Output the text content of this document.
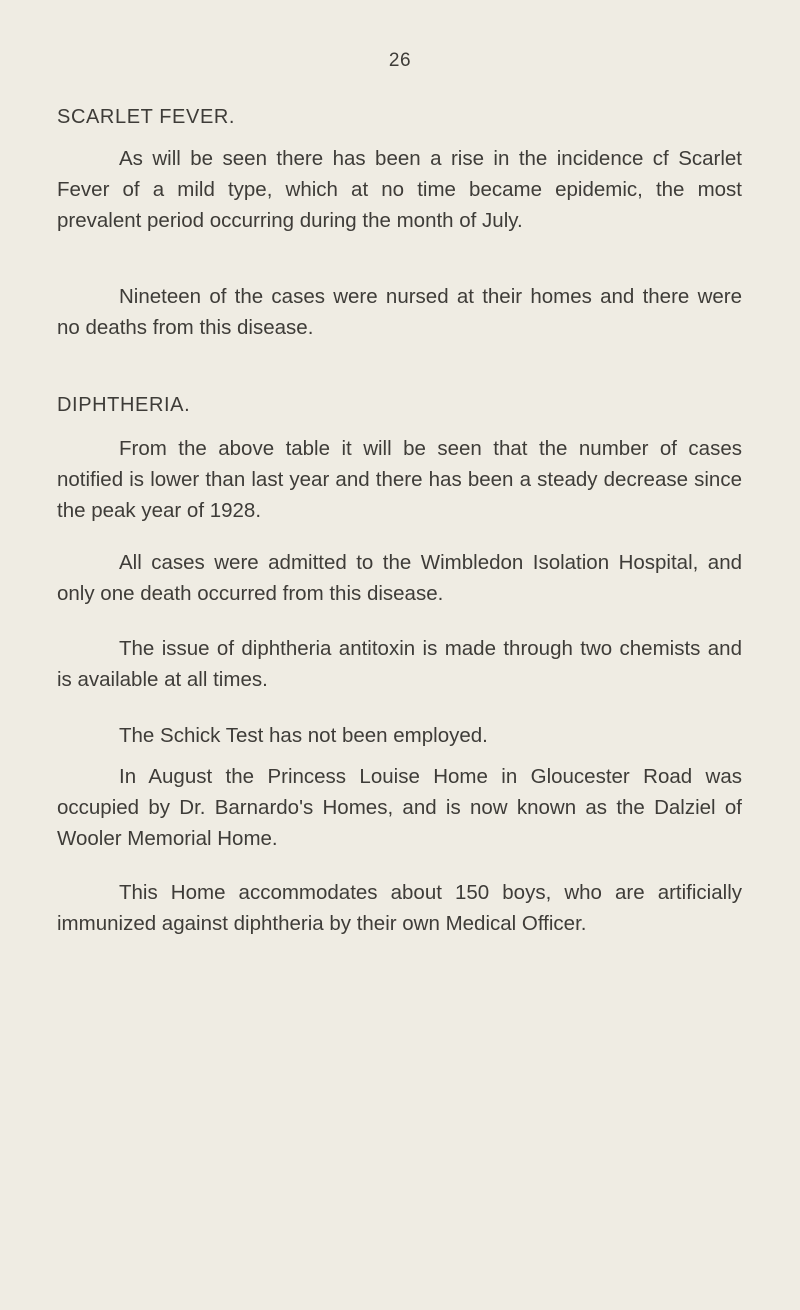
26
SCARLET FEVER.

As will be seen there has been a rise in the incidence cf Scarlet Fever of a mild type, which at no time became epidemic, the most prevalent period occurring during the month of July.

Nineteen of the cases were nursed at their homes and there were no deaths from this disease.

DIPHTHERIA.

From the above table it will be seen that the number of cases notified is lower than last year and there has been a steady decrease since the peak year of 1928.

All cases were admitted to the Wimbledon Isolation Hospital, and only one death occurred from this disease.

The issue of diphtheria antitoxin is made through two chemists and is available at all times.

The Schick Test has not been employed.

In August the Princess Louise Home in Gloucester Road was occupied by Dr. Barnardo's Homes, and is now known as the Dalziel of Wooler Memorial Home.

This Home accommodates about 150 boys, who are artificially immunized against diphtheria by their own Medical Officer.
